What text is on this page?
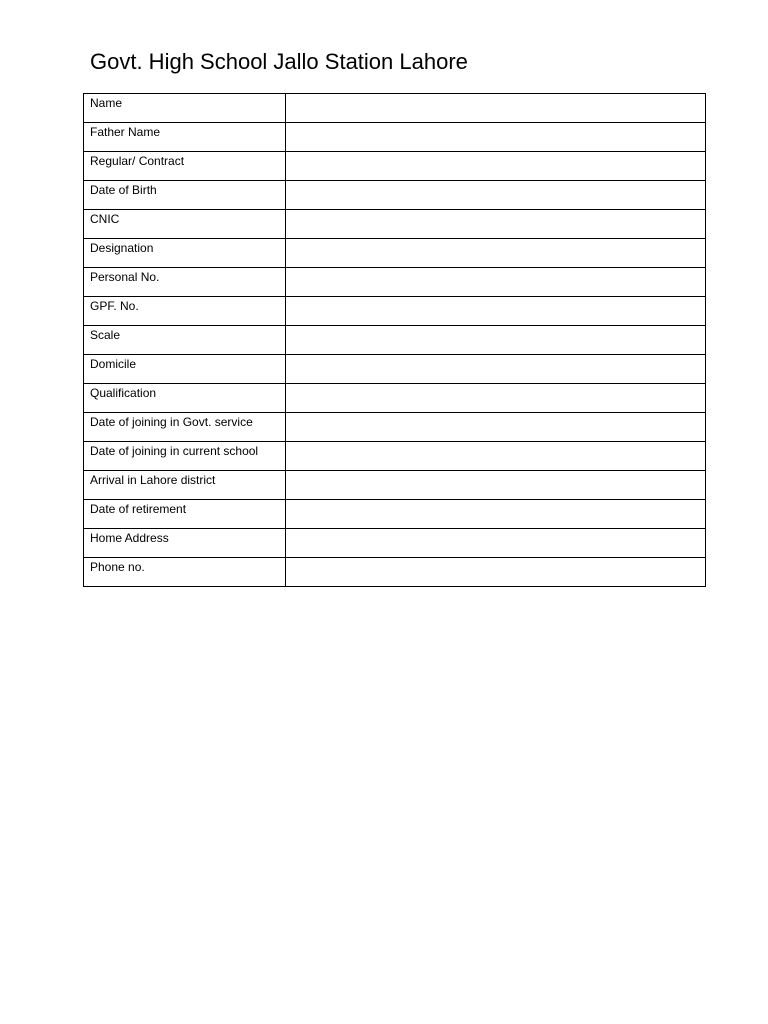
Govt. High School Jallo Station Lahore
Name	
Father Name	
Regular/ Contract	
Date of Birth	
CNIC	
Designation	
Personal No.	
GPF. No.	
Scale	
Domicile	
Qualification	
Date of joining in Govt. service	
Date of joining in current school	
Arrival in Lahore district	
Date of retirement	
Home Address	
Phone no.	
